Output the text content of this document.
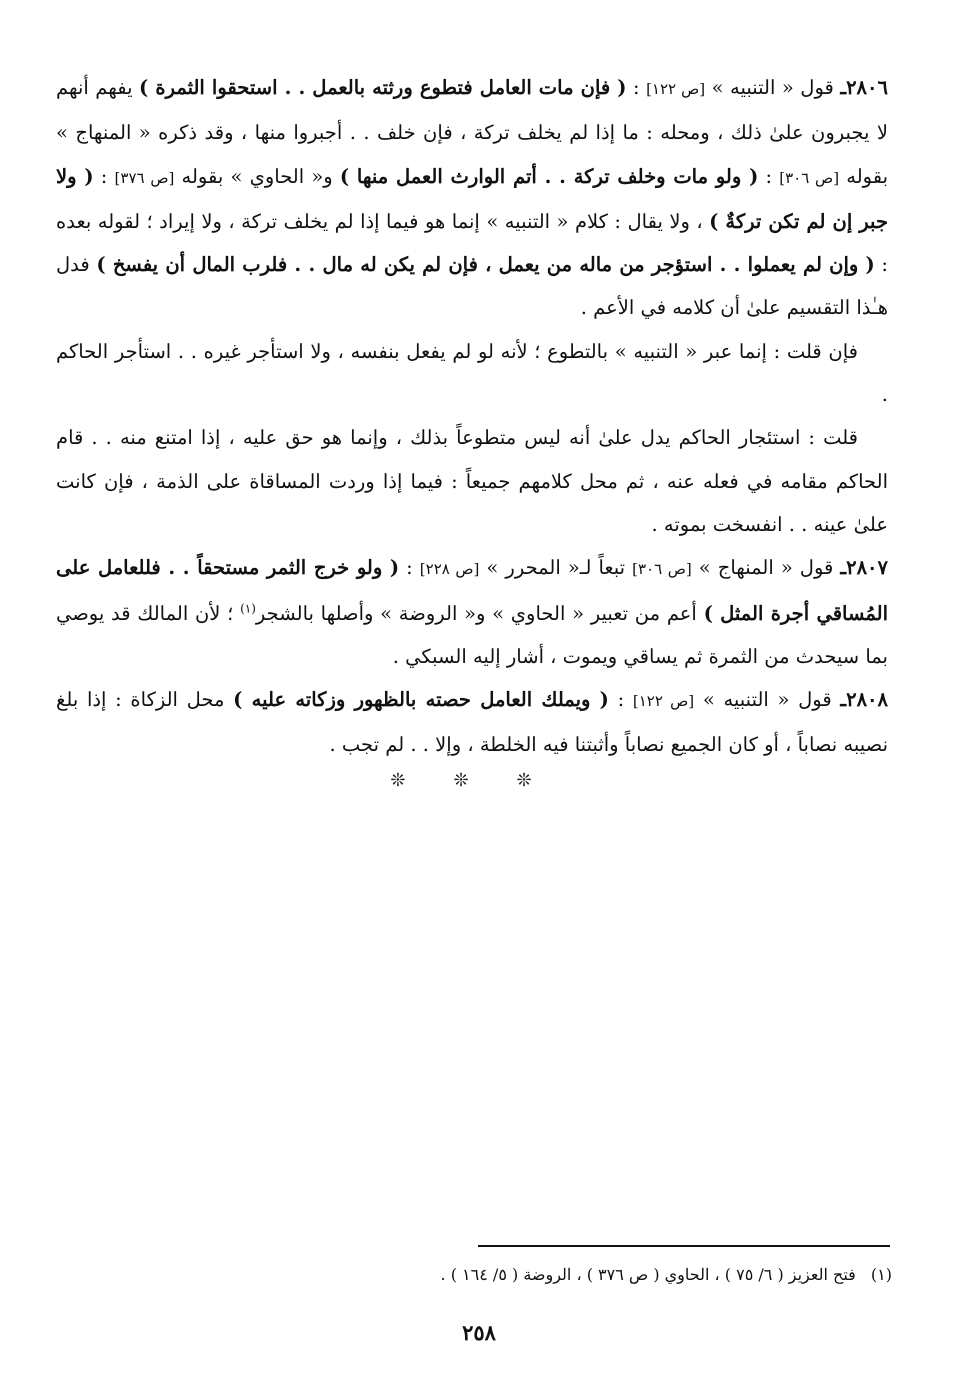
٢٨٠٦ـ قول « التنبيه » [ص ١٢٢] : ( فإن مات العامل فتطوع ورثته بالعمل . . استحقوا الثمرة ) يفهم أنهم لا يجبرون علىٰ ذلك ، ومحله : ما إذا لم يخلف تركة ، فإن خلف . . أجبروا منها ، وقد ذكره « المنهاج » بقوله [ص ٣٠٦] : ( ولو مات وخلف تركة . . أتم الوارث العمل منها ) و« الحاوي » بقوله [ص ٣٧٦] : ( ولا جبر إن لم تكن تركةٌ ) ، ولا يقال : كلام « التنبيه » إنما هو فيما إذا لم يخلف تركة ، ولا إيراد ؛ لقوله بعده : ( وإن لم يعملوا . . استؤجر من ماله من يعمل ، فإن لم يكن له مال . . فلرب المال أن يفسخ ) فدل هـٰذا التقسيم علىٰ أن كلامه في الأعم .

فإن قلت : إنما عبر « التنبيه » بالتطوع ؛ لأنه لو لم يفعل بنفسه ، ولا استأجر غيره . . استأجر الحاكم .

قلت : استئجار الحاكم يدل علىٰ أنه ليس متطوعاً بذلك ، وإنما هو حق عليه ، إذا امتنع منه . . قام الحاكم مقامه في فعله عنه ، ثم محل كلامهم جميعاً : فيما إذا وردت المساقاة على الذمة ، فإن كانت علىٰ عينه . . انفسخت بموته .

٢٨٠٧ـ قول « المنهاج » [ص ٣٠٦] تبعاً لـ« المحرر » [ص ٢٢٨] : ( ولو خرج الثمر مستحقاً . . فللعامل على المُساقي أجرة المثل ) أعم من تعبير « الحاوي » و« الروضة » وأصلها بالشجر$^{(١)}$ ؛ لأن المالك قد يوصي بما سيحدث من الثمرة ثم يساقي ويموت ، أشار إليه السبكي .

٢٨٠٨ـ قول « التنبيه » [ص ١٢٢] : ( ويملك العامل حصته بالظهور وزكاته عليه ) محل الزكاة : إذا بلغ نصيبه نصاباً ، أو كان الجميع نصاباً وأثبتنا فيه الخلطة ، وإلا . . لم تجب .

❊❊❊
(١) فتح العزيز ( ٦/ ٧٥ ) ، الحاوي ( ص ٣٧٦ ) ، الروضة ( ٥/ ١٦٤ ) .
٢٥٨
